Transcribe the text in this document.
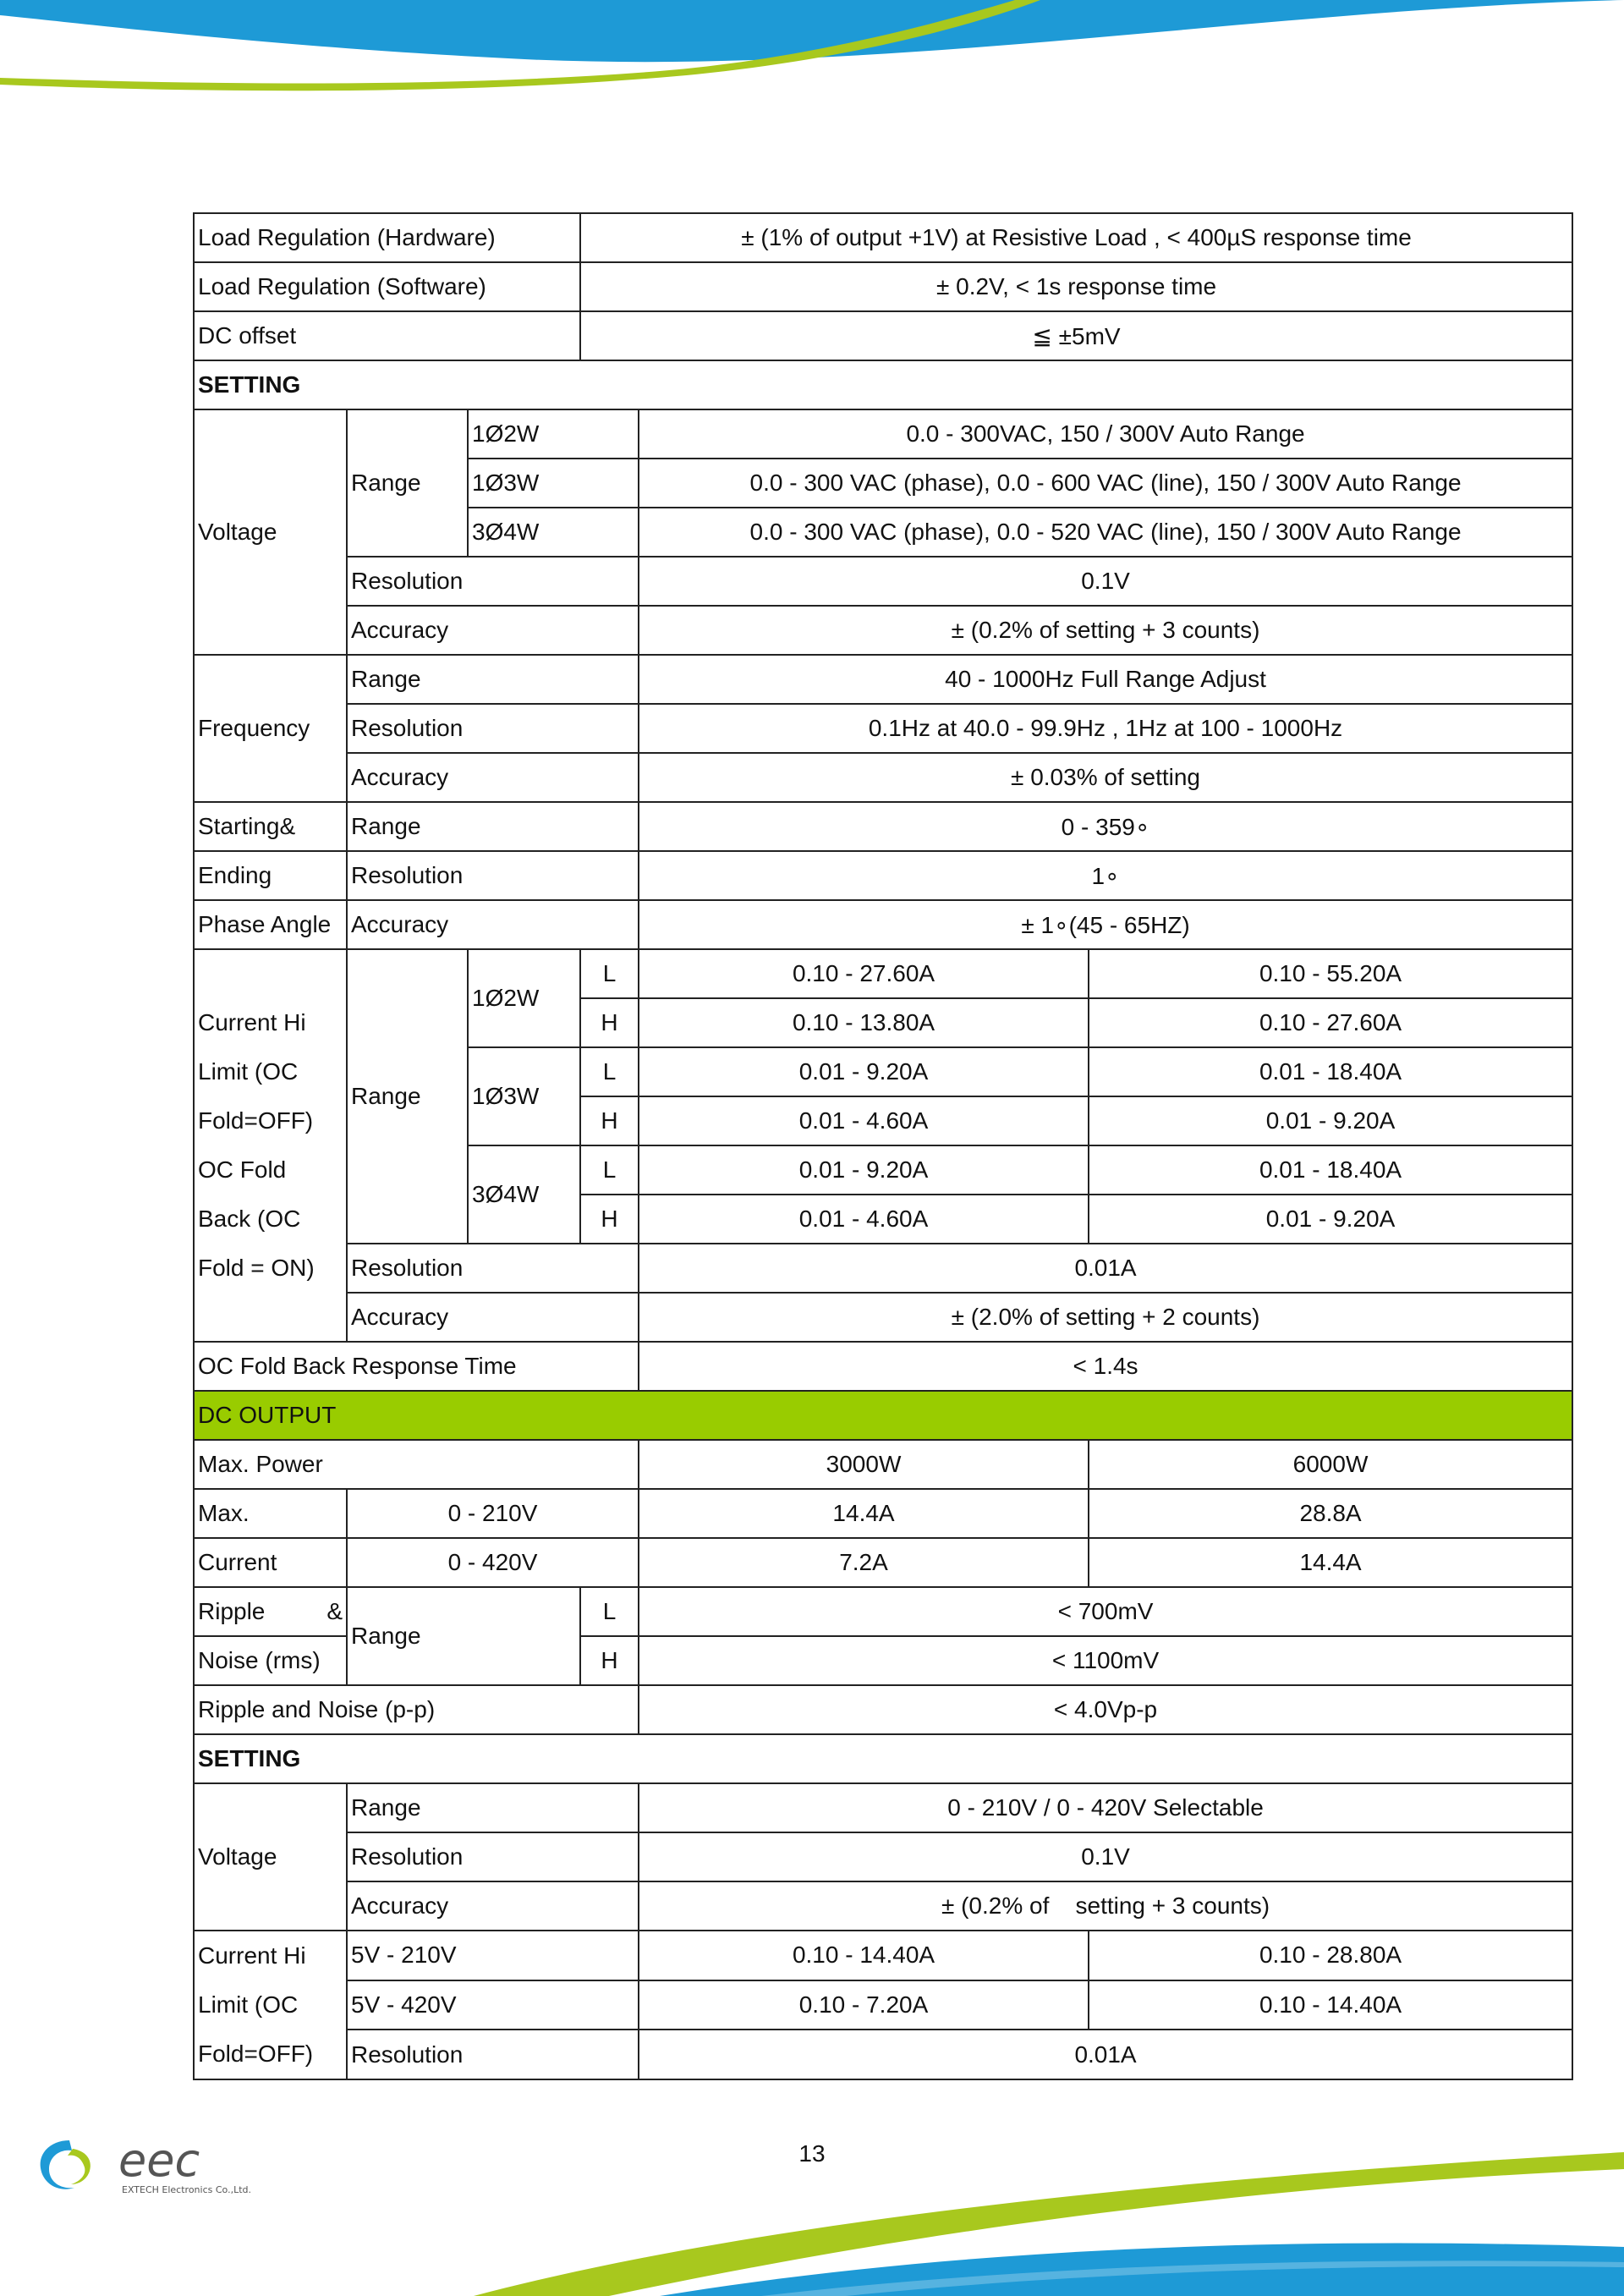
Load Regulation (Hardware)			± (1% of output +1V) at Resistive Load , < 400µS response time		
Load Regulation (Software)			± 0.2V, < 1s response time		
DC offset			≦ ±5mV		
SETTING					
Voltage	Range	1Ø2W		0.0 - 300VAC, 150 / 300V Auto Range	
		1Ø3W		0.0 - 300 VAC (phase), 0.0 - 600 VAC (line), 150 / 300V Auto Range	
		3Ø4W		0.0 - 300 VAC (phase), 0.0 - 520 VAC (line), 150 / 300V Auto Range	
	Resolution			0.1V	
	Accuracy			± (0.2% of setting + 3 counts)	
Frequency	Range			40 - 1000Hz Full Range Adjust	
	Resolution			0.1Hz at 40.0 - 99.9Hz , 1Hz at 100 - 1000Hz	
	Accuracy			± 0.03% of setting	
Starting&	Range			0 - 359∘	
Ending	Resolution			1∘	
Phase Angle	Accuracy			± 1∘(45 - 65HZ)	
Current Hi Limit (OC Fold=OFF) OC Fold Back (OC Fold = ON)	Range	1Ø2W	L	0.10 - 27.60A	0.10 - 55.20A
			H	0.10 - 13.80A	0.10 - 27.60A
		1Ø3W	L	0.01 - 9.20A	0.01 - 18.40A
			H	0.01 - 4.60A	0.01 - 9.20A
		3Ø4W	L	0.01 - 9.20A	0.01 - 18.40A
			H	0.01 - 4.60A	0.01 - 9.20A
	Resolution			0.01A	
	Accuracy			± (2.0% of setting + 2 counts)	
OC Fold Back Response Time				< 1.4s	
DC OUTPUT					
Max. Power				3000W	6000W
Max.	0 - 210V			14.4A	28.8A
Current	0 - 420V			7.2A	14.4A

Ripple &	Range		L	< 700mV	
Noise (rms)			H	< 1100mV	
Ripple and Noise (p-p)				< 4.0Vp-p	
SETTING					
Voltage	Range			0 - 210V / 0 - 420V Selectable	
	Resolution			0.1V	
	Accuracy			± (0.2% of    setting + 3 counts)	
Current Hi Limit (OC Fold=OFF)	5V - 210V			0.10 - 14.40A	0.10 - 28.80A
	5V - 420V			0.10 - 7.20A	0.10 - 14.40A
	Resolution			0.01A	
13
eec
EXTECH Electronics Co.,Ltd.
